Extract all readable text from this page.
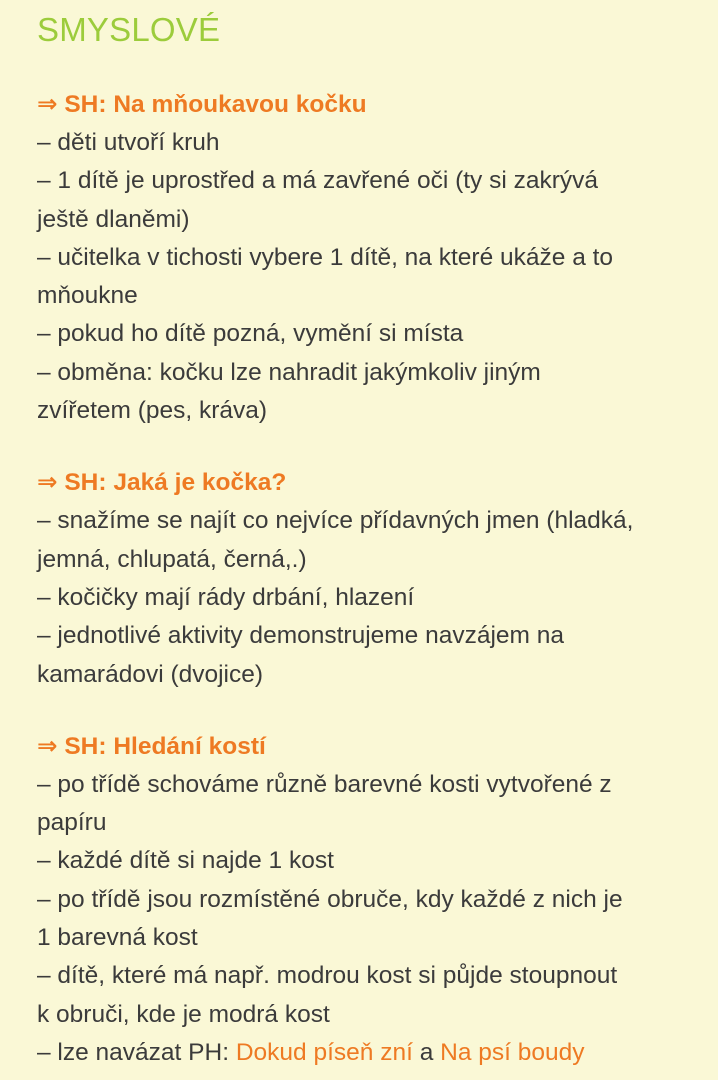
SMYSLOVÉ

⇒ SH: Na mňoukavou kočku

– děti utvoří kruh

– 1 dítě je uprostřed a má zavřené oči (ty si zakrývá

ještě dlaněmi)

– učitelka v tichosti vybere 1 dítě, na které ukáže a to

mňoukne

– pokud ho dítě pozná, vymění si místa

– obměna: kočku lze nahradit jakýmkoliv jiným

zvířetem (pes, kráva)

⇒ SH: Jaká je kočka?

– snažíme se najít co nejvíce přídavných jmen (hladká,

jemná, chlupatá, černá,.)

– kočičky mají rády drbání, hlazení

– jednotlivé aktivity demonstrujeme navzájem na

kamarádovi (dvojice)

⇒ SH: Hledání kostí

– po třídě schováme různě barevné kosti vytvořené z

papíru

– každé dítě si najde 1 kost

– po třídě jsou rozmístěné obruče, kdy každé z nich je

1 barevná kost

– dítě, které má např. modrou kost si půjde stoupnout

k obruči, kde je modrá kost

– lze navázat PH: Dokud píseň zní a Na psí boudy
